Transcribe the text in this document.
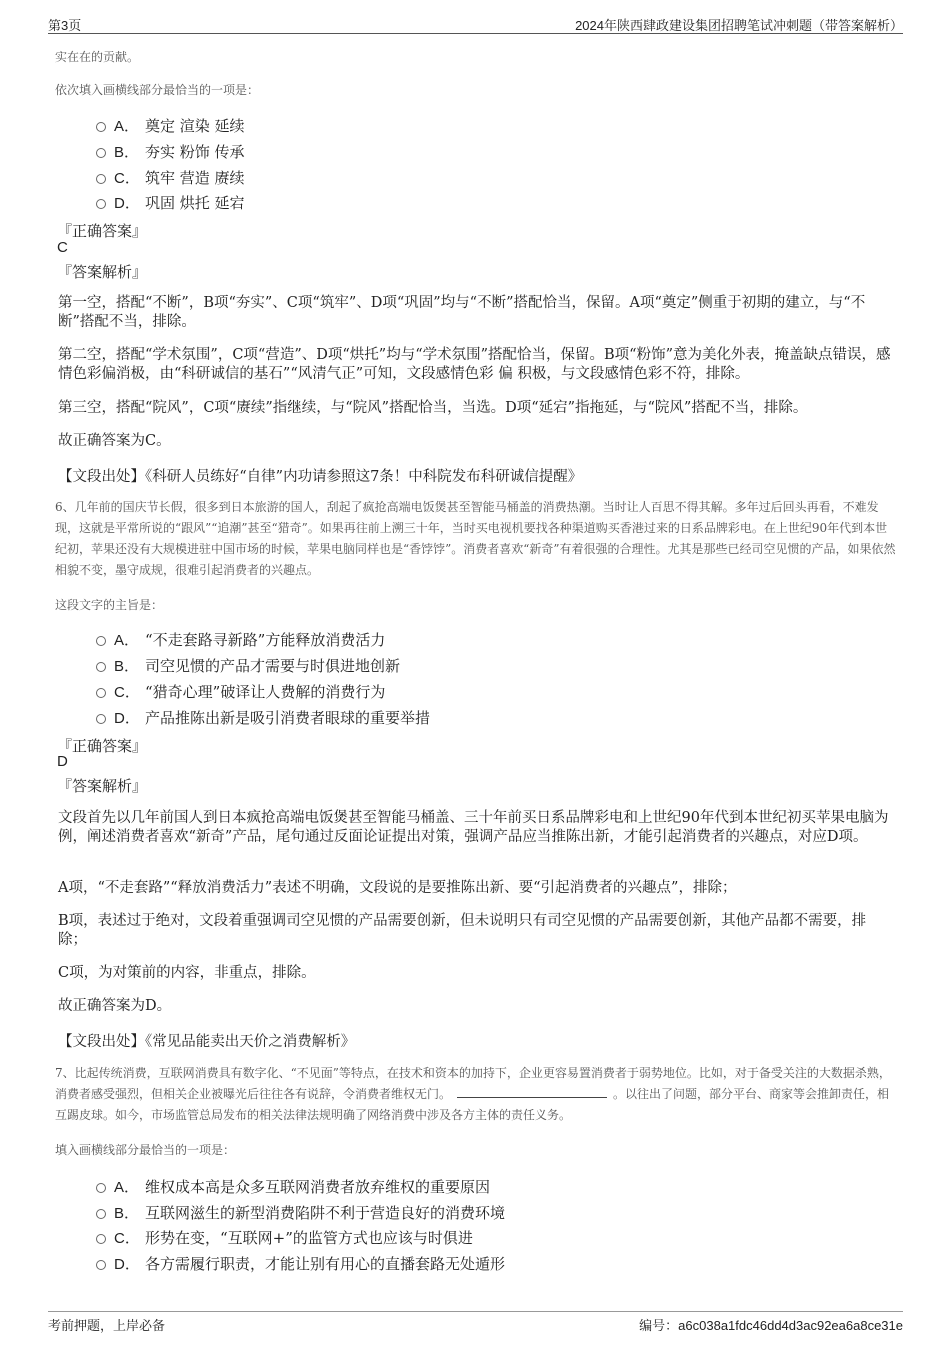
第3页	2024年陕西肆政建设集团招聘笔试冲刺题（带答案解析）
实在在的贡献。
依次填入画横线部分最恰当的一项是：
A． 奠定 渲染 延续
B． 夯实 粉饰 传承
C． 筑牢 营造 赓续
D． 巩固 烘托 延宕
『正确答案』
C
『答案解析』
第一空，搭配“不断”，B项“夯实”、C项“筑牢”、D项“巩固”均与“不断”搭配恰当，保留。A项“奠定”侧重于初期的建立，与“不断”搭配不当，排除。
第二空，搭配“学术氛围”，C项“营造”、D项“烘托”均与“学术氛围”搭配恰当，保留。B项“粉饰”意为美化外表，掩盖缺点错误，感情色彩偏消极，由“科研诚信的基石”“风清气正”可知，文段感情色彩 偏 积极，与文段感情色彩不符，排除。
第三空，搭配“院风”，C项“赓续”指继续，与“院风”搭配恰当，当选。D项“延宕”指拖延，与“院风”搭配不当，排除。
故正确答案为C。
【文段出处】《科研人员练好“自律”内功请参照这7条！中科院发布科研诚信提醒》
6、几年前的国庆节长假，很多到日本旅游的国人，刮起了疯抢高端电饭煲甚至智能马桶盖的消费热潮。当时让人百思不得其解。多年过后回头再看，不难发现，这就是平常所说的“跟风”“追潮”甚至“猎奇”。如果再往前上溯三十年，当时买电视机要找各种渠道购买香港过来的日系品牌彩电。在上世纪90年代到本世纪初，苹果还没有大规模进驻中国市场的时候，苹果电脑同样也是“香饽饽”。消费者喜欢“新奇”有着很强的合理性。尤其是那些已经司空见惯的产品，如果依然相貌不变，墨守成规，很难引起消费者的兴趣点。
这段文字的主旨是：
A． “不走套路寻新路”方能释放消费活力
B． 司空见惯的产品才需要与时俱进地创新
C． “猎奇心理”破译让人费解的消费行为
D． 产品推陈出新是吸引消费者眼球的重要举措
『正确答案』
D
『答案解析』
文段首先以几年前国人到日本疯抢高端电饭煲甚至智能马桶盖、三十年前买日系品牌彩电和上世纪90年代到本世纪初买苹果电脑为例，阐述消费者喜欢“新奇”产品，尾句通过反面论证提出对策，强调产品应当推陈出新，才能引起消费者的兴趣点，对应D项。
A项，“不走套路”“释放消费活力”表述不明确，文段说的是要推陈出新、要“引起消费者的兴趣点”，排除；
B项，表述过于绝对，文段着重强调司空见惯的产品需要创新，但未说明只有司空见惯的产品需要创新，其他产品都不需要，排除；
C项，为对策前的内容，非重点，排除。
故正确答案为D。
【文段出处】《常见品能卖出天价之消费解析》
7、比起传统消费，互联网消费具有数字化、“不见面”等特点，在技术和资本的加持下，企业更容易置消费者于弱势地位。比如，对于备受关注的大数据杀熟，消费者感受强烈，但相关企业被曝光后往往各有说辞，令消费者维权无门。	。以往出了问题，部分平台、商家等会推卸责任，相互踢皮球。如今，市场监管总局发布的相关法律法规明确了网络消费中涉及各方主体的责任义务。
填入画横线部分最恰当的一项是：
A． 维权成本高是众多互联网消费者放弃维权的重要原因
B． 互联网滋生的新型消费陷阱不利于营造良好的消费环境
C． 形势在变，“互联网+”的监管方式也应该与时俱进
D． 各方需履行职责，才能让别有用心的直播套路无处遁形
考前押题，上岸必备	编号：a6c038a1fdc46dd4d3ac92ea6a8ce31e
